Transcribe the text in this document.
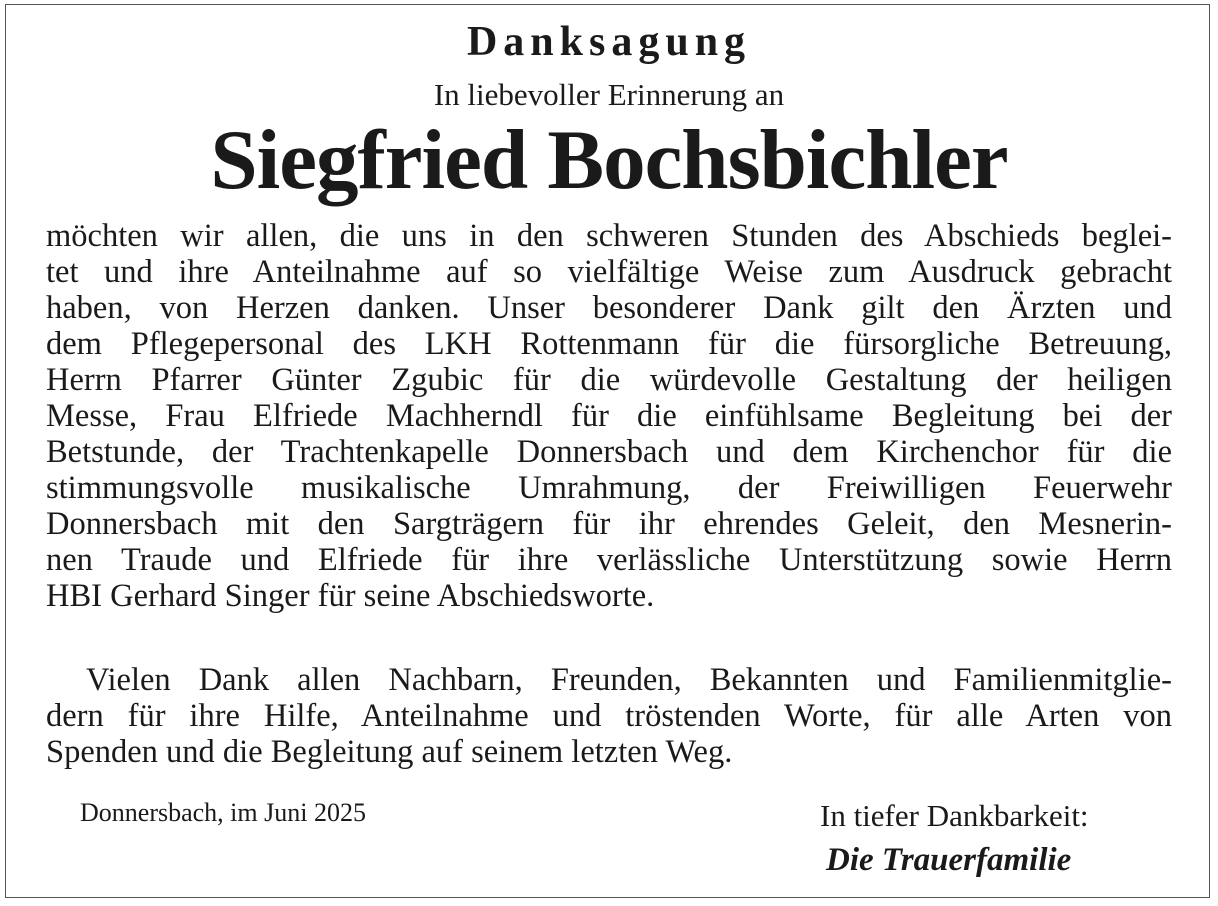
Danksagung
In liebevoller Erinnerung an
Siegfried Bochsbichler
möchten wir allen, die uns in den schweren Stunden des Abschieds beglei-
tet und ihre Anteilnahme auf so vielfältige Weise zum Ausdruck gebracht
haben, von Herzen danken. Unser besonderer Dank gilt den Ärzten und
dem Pflegepersonal des LKH Rottenmann für die fürsorgliche Betreuung,
Herrn Pfarrer Günter Zgubic für die würdevolle Gestaltung der heiligen
Messe, Frau Elfriede Machherndl für die einfühlsame Begleitung bei der
Betstunde, der Trachtenkapelle Donnersbach und dem Kirchenchor für die
stimmungsvolle musikalische Umrahmung, der Freiwilligen Feuerwehr
Donnersbach mit den Sargträgern für ihr ehrendes Geleit, den Mesnerin-
nen Traude und Elfriede für ihre verlässliche Unterstützung sowie Herrn
HBI Gerhard Singer für seine Abschiedsworte.
Vielen Dank allen Nachbarn, Freunden, Bekannten und Familienmitglie-
dern für ihre Hilfe, Anteilnahme und tröstenden Worte, für alle Arten von
Spenden und die Begleitung auf seinem letzten Weg.
Donnersbach, im Juni 2025	In tiefer Dankbarkeit:
Die Trauerfamilie
